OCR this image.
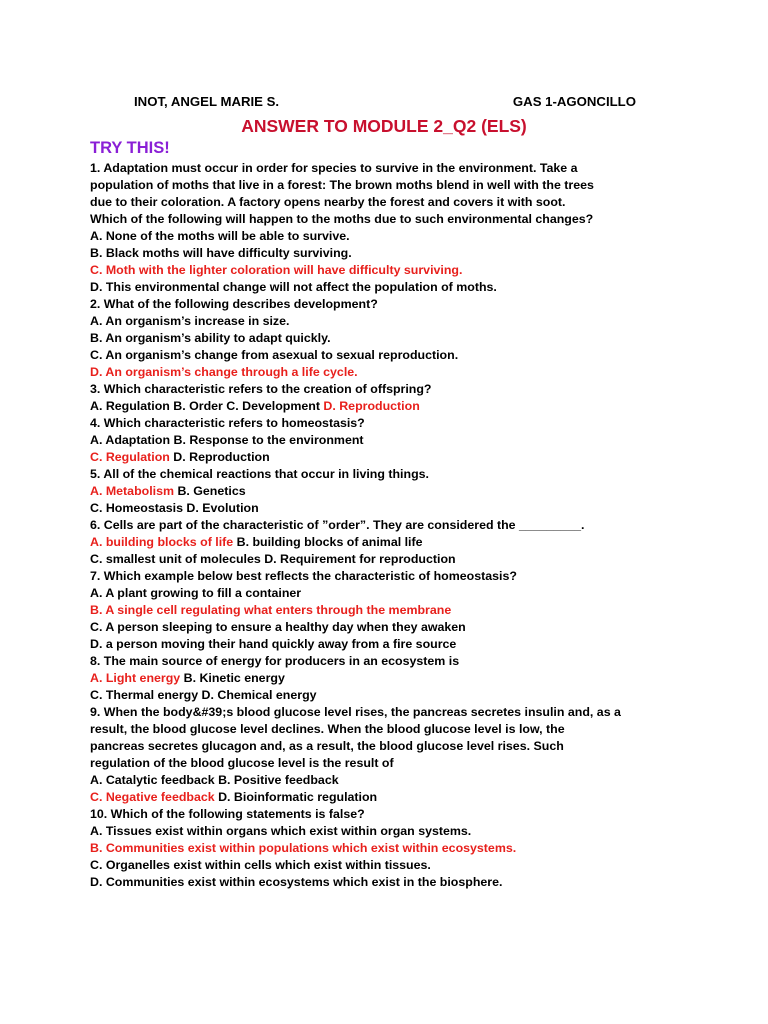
INOT, ANGEL MARIE S.	GAS 1-AGONCILLO
ANSWER TO MODULE 2_Q2 (ELS)
TRY THIS!
1. Adaptation must occur in order for species to survive in the environment. Take a
population of moths that live in a forest: The brown moths blend in well with the trees
due to their coloration. A factory opens nearby the forest and covers it with soot.
Which of the following will happen to the moths due to such environmental changes?
A. None of the moths will be able to survive.
B. Black moths will have difficulty surviving.
C. Moth with the lighter coloration will have difficulty surviving.
D. This environmental change will not affect the population of moths.
2. What of the following describes development?
A. An organism’s increase in size.
B. An organism’s ability to adapt quickly.
C. An organism’s change from asexual to sexual reproduction.
D. An organism’s change through a life cycle.
3. Which characteristic refers to the creation of offspring?
A. Regulation B. Order C. Development D. Reproduction
4. Which characteristic refers to homeostasis?
A. Adaptation B. Response to the environment
C. Regulation D. Reproduction
5. All of the chemical reactions that occur in living things.
A. Metabolism B. Genetics
C. Homeostasis D. Evolution
6. Cells are part of the characteristic of ”order”. They are considered the _________.
A. building blocks of life B. building blocks of animal life
C. smallest unit of molecules D. Requirement for reproduction
7. Which example below best reflects the characteristic of homeostasis?
A. A plant growing to fill a container
B. A single cell regulating what enters through the membrane
C. A person sleeping to ensure a healthy day when they awaken
D. a person moving their hand quickly away from a fire source
8. The main source of energy for producers in an ecosystem is
A. Light energy B. Kinetic energy
C. Thermal energy D. Chemical energy
9. When the body&#39;s blood glucose level rises, the pancreas secretes insulin and, as a
result, the blood glucose level declines. When the blood glucose level is low, the
pancreas secretes glucagon and, as a result, the blood glucose level rises. Such
regulation of the blood glucose level is the result of
A. Catalytic feedback B. Positive feedback
C. Negative feedback D. Bioinformatic regulation
10. Which of the following statements is false?
A. Tissues exist within organs which exist within organ systems.
B. Communities exist within populations which exist within ecosystems.
C. Organelles exist within cells which exist within tissues.
D. Communities exist within ecosystems which exist in the biosphere.
